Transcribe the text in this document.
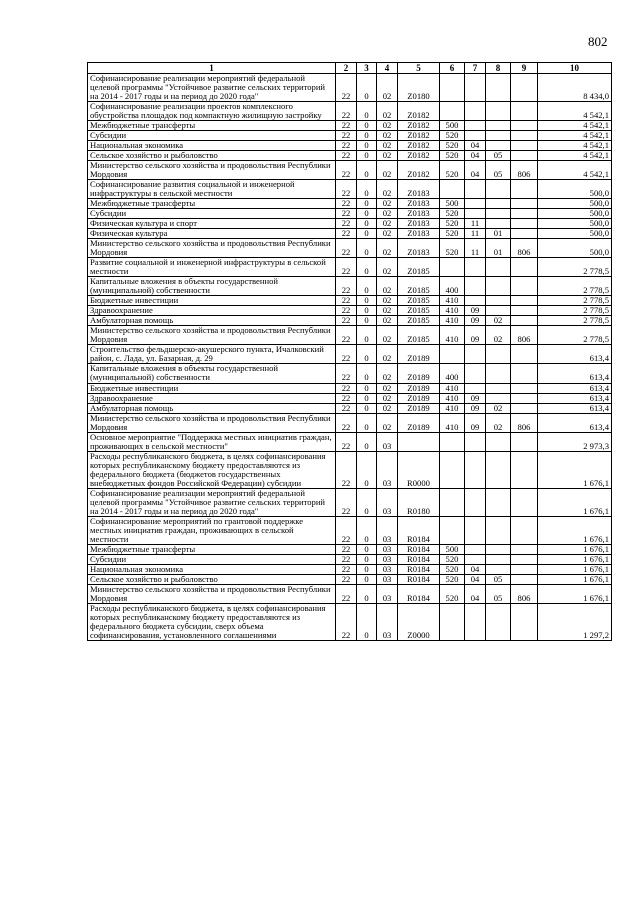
802
1	2	3	4	5	6	7	8	9	10
Софинансирование реализации мероприятий федеральной целевой программы "Устойчивое развитие сельских территорий на 2014 - 2017 годы и на период до 2020 года"	22	0	02	Z0180					8 434,0
Софинансирование реализации проектов комплексного обустройства площадок под компактную жилищную застройку	22	0	02	Z0182					4 542,1
Межбюджетные трансферты	22	0	02	Z0182	500				4 542,1
Субсидии	22	0	02	Z0182	520				4 542,1
Национальная экономика	22	0	02	Z0182	520	04			4 542,1
Сельское хозяйство и рыболовство	22	0	02	Z0182	520	04	05		4 542,1
Министерство сельского хозяйства и продовольствия Республики Мордовия	22	0	02	Z0182	520	04	05	806	4 542,1
Софинансирование развития социальной и инженерной инфраструктуры в сельской местности	22	0	02	Z0183					500,0
Межбюджетные трансферты	22	0	02	Z0183	500				500,0
Субсидии	22	0	02	Z0183	520				500,0
Физическая культура и спорт	22	0	02	Z0183	520	11			500,0
Физическая культура	22	0	02	Z0183	520	11	01		500,0
Министерство сельского хозяйства и продовольствия Республики Мордовия	22	0	02	Z0183	520	11	01	806	500,0
Развитие социальной и инженерной инфраструктуры в сельской местности	22	0	02	Z0185					2 778,5
Капитальные вложения в объекты государственной (муниципальной) собственности	22	0	02	Z0185	400				2 778,5
Бюджетные инвестиции	22	0	02	Z0185	410				2 778,5
Здравоохранение	22	0	02	Z0185	410	09			2 778,5
Амбулаторная помощь	22	0	02	Z0185	410	09	02		2 778,5
Министерство сельского хозяйства и продовольствия Республики Мордовия	22	0	02	Z0185	410	09	02	806	2 778,5
Строительство фельдшерско-акушерского пункта, Ичалковский район, с. Лада, ул. Базарная, д. 29	22	0	02	Z0189					613,4
Капитальные вложения в объекты государственной (муниципальной) собственности	22	0	02	Z0189	400				613,4
Бюджетные инвестиции	22	0	02	Z0189	410				613,4
Здравоохранение	22	0	02	Z0189	410	09			613,4
Амбулаторная помощь	22	0	02	Z0189	410	09	02		613,4
Министерство сельского хозяйства и продовольствия Республики Мордовия	22	0	02	Z0189	410	09	02	806	613,4
Основное мероприятие "Поддержка местных инициатив граждан, проживающих в сельской местности"	22	0	03						2 973,3
Расходы республиканского бюджета, в целях софинансирования которых республиканскому бюджету предоставляются из федерального бюджета (бюджетов государственных внебюджетных фондов Российской Федерации) субсидии	22	0	03	R0000					1 676,1
Софинансирование реализации мероприятий федеральной целевой программы "Устойчивое развитие сельских территорий на 2014 - 2017 годы и на период до 2020 года"	22	0	03	R0180					1 676,1
Софинансирование мероприятий по грантовой поддержке местных инициатив граждан, проживающих в сельской местности	22	0	03	R0184					1 676,1
Межбюджетные трансферты	22	0	03	R0184	500				1 676,1
Субсидии	22	0	03	R0184	520				1 676,1
Национальная экономика	22	0	03	R0184	520	04			1 676,1
Сельское хозяйство и рыболовство	22	0	03	R0184	520	04	05		1 676,1
Министерство сельского хозяйства и продовольствия Республики Мордовия	22	0	03	R0184	520	04	05	806	1 676,1
Расходы республиканского бюджета, в целях софинансирования которых республиканскому бюджету предоставляются из федерального бюджета субсидии, сверх объема софинансирования, установленного соглашениями	22	0	03	Z0000					1 297,2
